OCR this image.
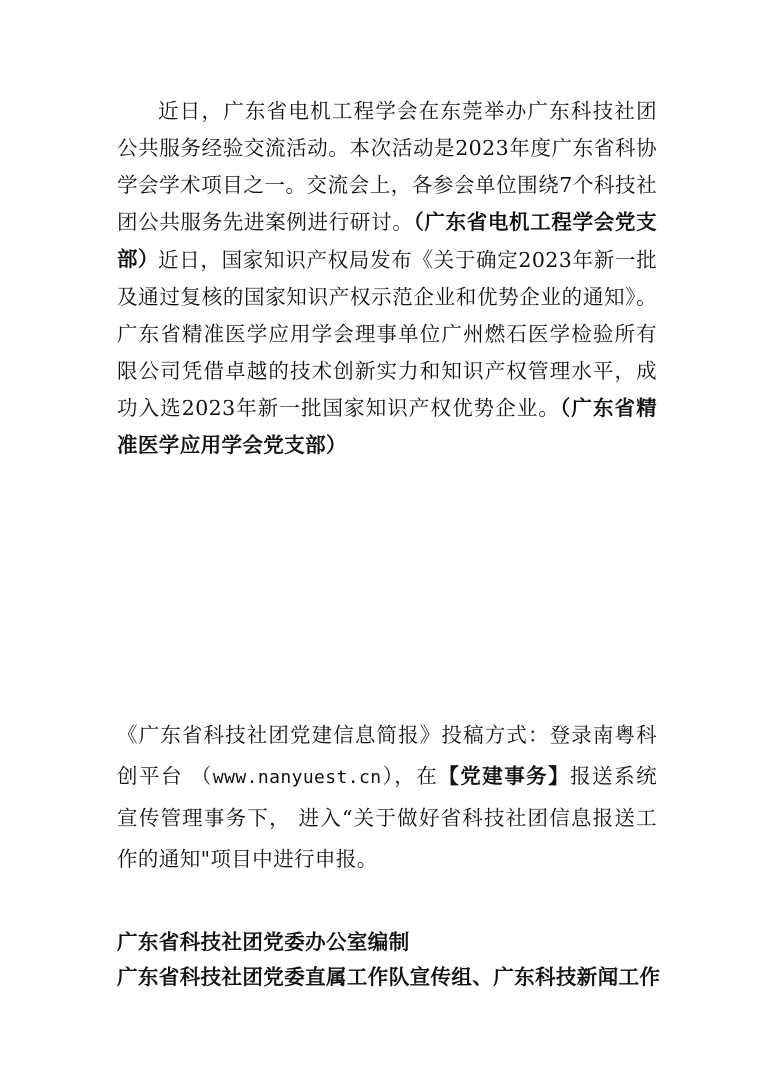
近日，广东省电机工程学会在东莞举办广东科技社团公共服务经验交流活动。本次活动是2023年度广东省科协学会学术项目之一。交流会上，各参会单位围绕7个科技社团公共服务先进案例进行研讨。（广东省电机工程学会党支部） 近日，国家知识产权局发布《关于确定2023年新一批及通过复核的国家知识产权示范企业和优势企业的通知》。广东省精准医学应用学会理事单位广州燃石医学检验所有限公司凭借卓越的技术创新实力和知识产权管理水平，成功入选2023年新一批国家知识产权优势企业。（广东省精准医学应用学会党支部）

《广东省科技社团党建信息简报》投稿方式：登录南粤科创平台 （www.nanyuest.cn），在【党建事务】报送系统宣传管理事务下， 进入“关于做好省科技社团信息报送工作的通知"项目中进行申报。

广东省科技社团党委办公室编制

广东省科技社团党委直属工作队宣传组、广东科技新闻工作
